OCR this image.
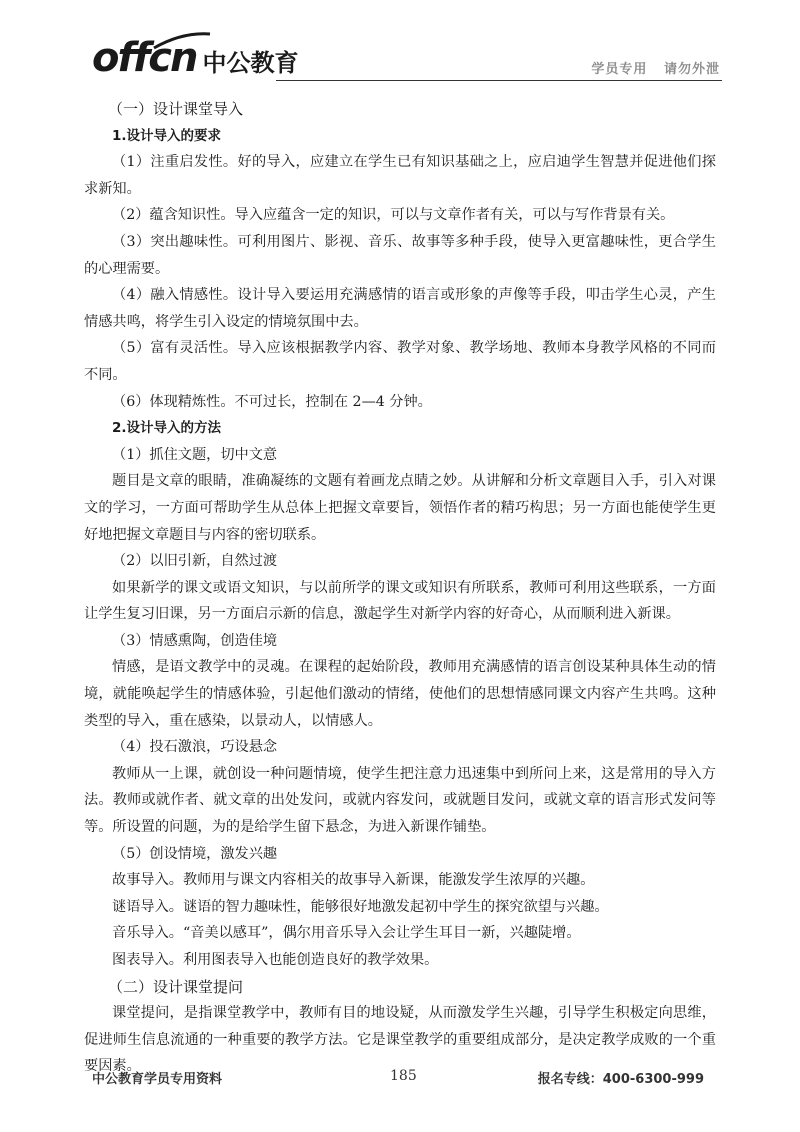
offcn 中公教育	学员专用   请勿外泄

（一）设计课堂导入

1.设计导入的要求

（1）注重启发性。好的导入，应建立在学生已有知识基础之上，应启迪学生智慧并促进他们探求新知。

（2）蕴含知识性。导入应蕴含一定的知识，可以与文章作者有关，可以与写作背景有关。

（3）突出趣味性。可利用图片、影视、音乐、故事等多种手段，使导入更富趣味性，更合学生的心理需要。

（4）融入情感性。设计导入要运用充满感情的语言或形象的声像等手段，叩击学生心灵，产生情感共鸣，将学生引入设定的情境氛围中去。

（5）富有灵活性。导入应该根据教学内容、教学对象、教学场地、教师本身教学风格的不同而不同。

（6）体现精炼性。不可过长，控制在 2—4 分钟。

2.设计导入的方法

（1）抓住文题，切中文意

题目是文章的眼睛，准确凝练的文题有着画龙点睛之妙。从讲解和分析文章题目入手，引入对课文的学习，一方面可帮助学生从总体上把握文章要旨，领悟作者的精巧构思；另一方面也能使学生更好地把握文章题目与内容的密切联系。

（2）以旧引新，自然过渡

如果新学的课文或语文知识，与以前所学的课文或知识有所联系，教师可利用这些联系，一方面让学生复习旧课，另一方面启示新的信息，激起学生对新学内容的好奇心，从而顺利进入新课。

（3）情感熏陶，创造佳境

情感，是语文教学中的灵魂。在课程的起始阶段，教师用充满感情的语言创设某种具体生动的情境，就能唤起学生的情感体验，引起他们激动的情绪，使他们的思想情感同课文内容产生共鸣。这种类型的导入，重在感染，以景动人，以情感人。

（4）投石激浪，巧设悬念

教师从一上课，就创设一种问题情境，使学生把注意力迅速集中到所问上来，这是常用的导入方法。教师或就作者、就文章的出处发问，或就内容发问，或就题目发问，或就文章的语言形式发问等等。所设置的问题，为的是给学生留下悬念，为进入新课作铺垫。

（5）创设情境，激发兴趣

故事导入。教师用与课文内容相关的故事导入新课，能激发学生浓厚的兴趣。

谜语导入。谜语的智力趣味性，能够很好地激发起初中学生的探究欲望与兴趣。

音乐导入。“音美以感耳”，偶尔用音乐导入会让学生耳目一新，兴趣陡增。

图表导入。利用图表导入也能创造良好的教学效果。

（二）设计课堂提问

课堂提问，是指课堂教学中，教师有目的地设疑，从而激发学生兴趣，引导学生积极定向思维，促进师生信息流通的一种重要的教学方法。它是课堂教学的重要组成部分，是决定教学成败的一个重要因素。

中公教育学员专用资料	185	报名专线：400-6300-999
